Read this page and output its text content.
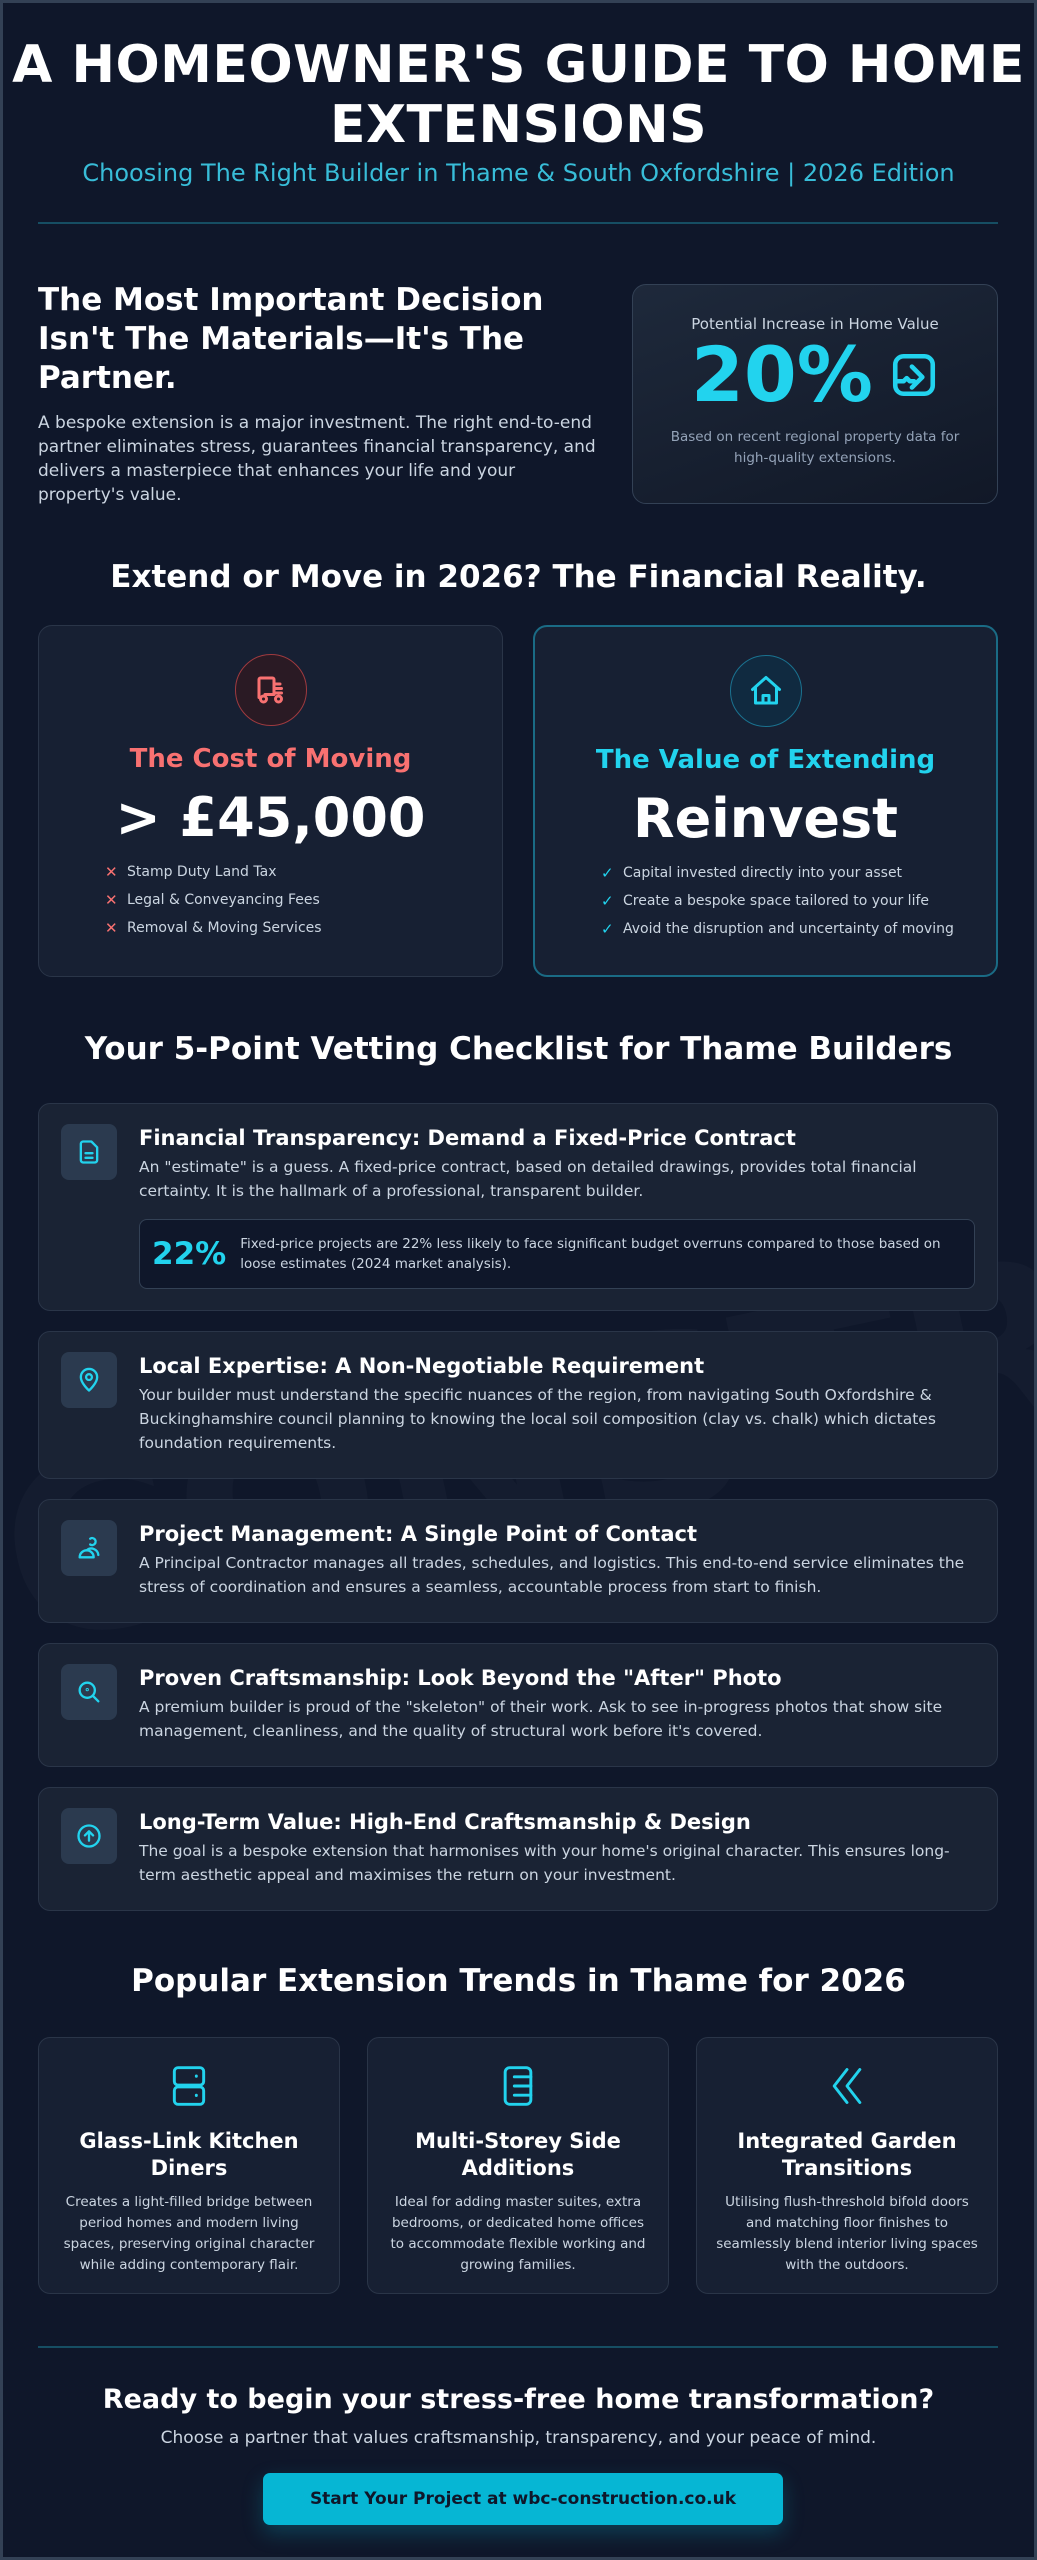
A HOMEOWNER'S GUIDE TO HOME EXTENSIONS
Choosing The Right Builder in Thame & South Oxfordshire | 2026 Edition
The Most Important Decision Isn't The Materials—It's The Partner.

A bespoke extension is a major investment. The right end-to-end partner eliminates stress, guarantees financial transparency, and delivers a masterpiece that enhances your life and your property's value.

Potential Increase in Home Value
20%
Based on recent regional property data for high-quality extensions.
Extend or Move in 2026? The Financial Reality.
The Cost of Moving
> £45,000
✕ Stamp Duty Land Tax
✕ Legal & Conveyancing Fees
✕ Removal & Moving Services
The Value of Extending
Reinvest
✓ Capital invested directly into your asset
✓ Create a bespoke space tailored to your life
✓ Avoid the disruption and uncertainty of moving
Your 5-Point Vetting Checklist for Thame Builders
Financial Transparency: Demand a Fixed-Price Contract
An "estimate" is a guess. A fixed-price contract, based on detailed drawings, provides total financial certainty. It is the hallmark of a professional, transparent builder.
22% Fixed-price projects are 22% less likely to face significant budget overruns compared to those based on loose estimates (2024 market analysis).
Local Expertise: A Non-Negotiable Requirement
Your builder must understand the specific nuances of the region, from navigating South Oxfordshire & Buckinghamshire council planning to knowing the local soil composition (clay vs. chalk) which dictates foundation requirements.
Project Management: A Single Point of Contact
A Principal Contractor manages all trades, schedules, and logistics. This end-to-end service eliminates the stress of coordination and ensures a seamless, accountable process from start to finish.
Proven Craftsmanship: Look Beyond the "After" Photo
A premium builder is proud of the "skeleton" of their work. Ask to see in-progress photos that show site management, cleanliness, and the quality of structural work before it's covered.
Long-Term Value: High-End Craftsmanship & Design
The goal is a bespoke extension that harmonises with your home's original character. This ensures long-term aesthetic appeal and maximises the return on your investment.
Popular Extension Trends in Thame for 2026
Glass-Link Kitchen Diners
Creates a light-filled bridge between period homes and modern living spaces, preserving original character while adding contemporary flair.
Multi-Storey Side Additions
Ideal for adding master suites, extra bedrooms, or dedicated home offices to accommodate flexible working and growing families.
Integrated Garden Transitions
Utilising flush-threshold bifold doors and matching floor finishes to seamlessly blend interior living spaces with the outdoors.
Ready to begin your stress-free home transformation?

Choose a partner that values craftsmanship, transparency, and your peace of mind.

Start Your Project at wbc-construction.co.uk
